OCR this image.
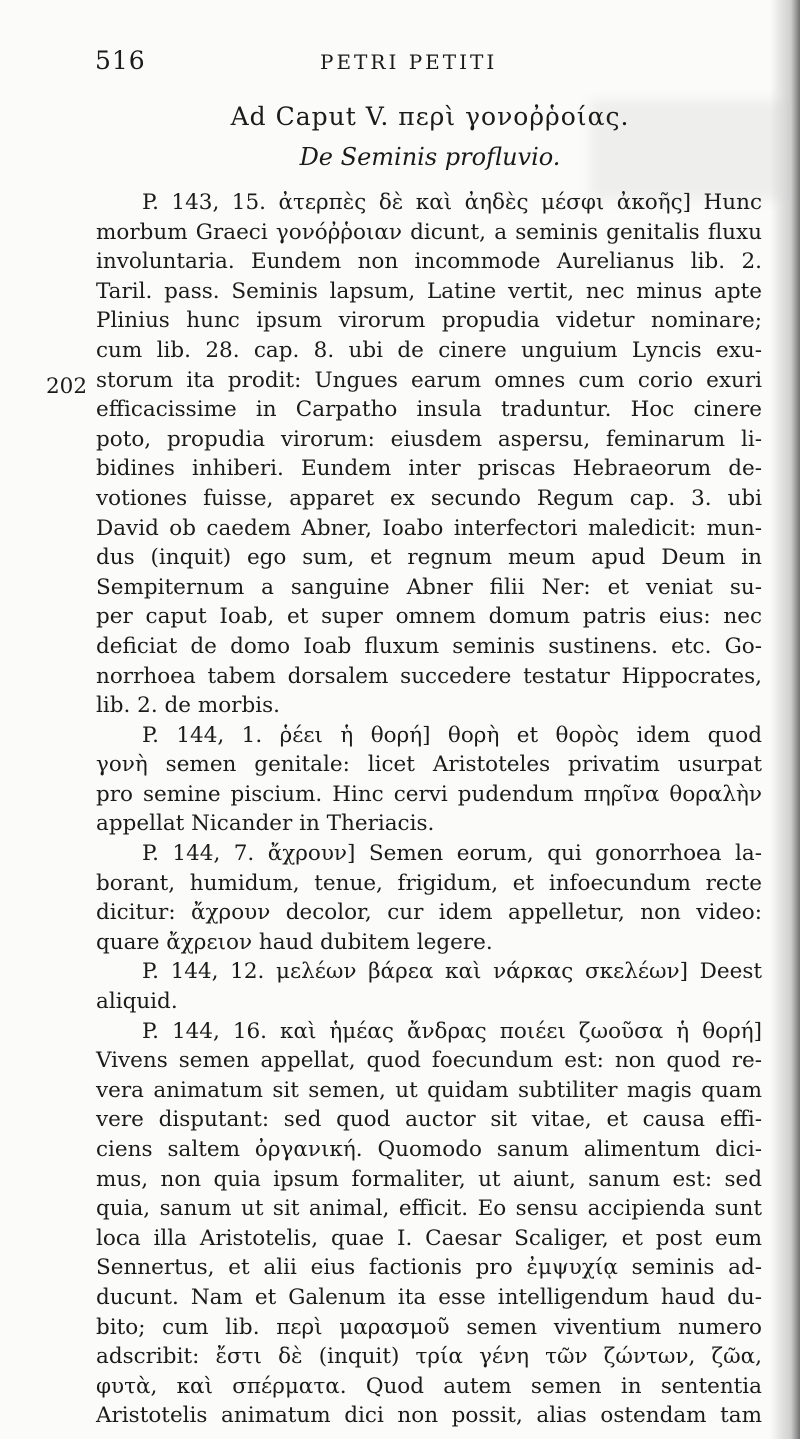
516	PETRI PETITI
Ad Caput V. περὶ γονοῤῥοίας.
De Seminis profluvio.
202
P. 143, 15. ἀτερπὲς δὲ καὶ ἀηδὲς μέσφι ἀκοῆς] Hunc
morbum Graeci γονόῤῥοιαν dicunt, a seminis genitalis fluxu
involuntaria. Eundem non incommode Aurelianus lib. 2.
Taril. pass. Seminis lapsum, Latine vertit, nec minus apte
Plinius hunc ipsum virorum propudia videtur nominare;
cum lib. 28. cap. 8. ubi de cinere unguium Lyncis exu-
storum ita prodit: Ungues earum omnes cum corio exuri
efficacissime in Carpatho insula traduntur. Hoc cinere
poto, propudia virorum: eiusdem aspersu, feminarum li-
bidines inhiberi. Eundem inter priscas Hebraeorum de-
votiones fuisse, apparet ex secundo Regum cap. 3. ubi
David ob caedem Abner, Ioabo interfectori maledicit: mun-
dus (inquit) ego sum, et regnum meum apud Deum in
Sempiternum a sanguine Abner filii Ner: et veniat su-
per caput Ioab, et super omnem domum patris eius: nec
deficiat de domo Ioab fluxum seminis sustinens. etc. Go-
norrhoea tabem dorsalem succedere testatur Hippocrates,
lib. 2. de morbis.
P. 144, 1. ῥέει ἡ θορή] θορὴ et θορὸς idem quod
γονὴ semen genitale: licet Aristoteles privatim usurpat
pro semine piscium. Hinc cervi pudendum πηρῖνα θοραλὴν
appellat Nicander in Theriacis.
P. 144, 7. ἄχρουν] Semen eorum, qui gonorrhoea la-
borant, humidum, tenue, frigidum, et infoecundum recte
dicitur: ἄχρουν decolor, cur idem appelletur, non video:
quare ἄχρειον haud dubitem legere.
P. 144, 12. μελέων βάρεα καὶ νάρκας σκελέων] Deest
aliquid.
P. 144, 16. καὶ ἡμέας ἄνδρας ποιέει ζωοῦσα ἡ θορή]
Vivens semen appellat, quod foecundum est: non quod re-
vera animatum sit semen, ut quidam subtiliter magis quam
vere disputant: sed quod auctor sit vitae, et causa effi-
ciens saltem ὀργανική. Quomodo sanum alimentum dici-
mus, non quia ipsum formaliter, ut aiunt, sanum est: sed
quia, sanum ut sit animal, efficit. Eo sensu accipienda sunt
loca illa Aristotelis, quae I. Caesar Scaliger, et post eum
Sennertus, et alii eius factionis pro ἐμψυχίᾳ seminis ad-
ducunt. Nam et Galenum ita esse intelligendum haud du-
bito; cum lib. περὶ μαρασμοῦ semen viventium numero
adscribit: ἔστι δὲ (inquit) τρία γένη τῶν ζώντων, ζῶα,
φυτὰ, καὶ σπέρματα. Quod autem semen in sententia
Aristotelis animatum dici non possit, alias ostendam tam
